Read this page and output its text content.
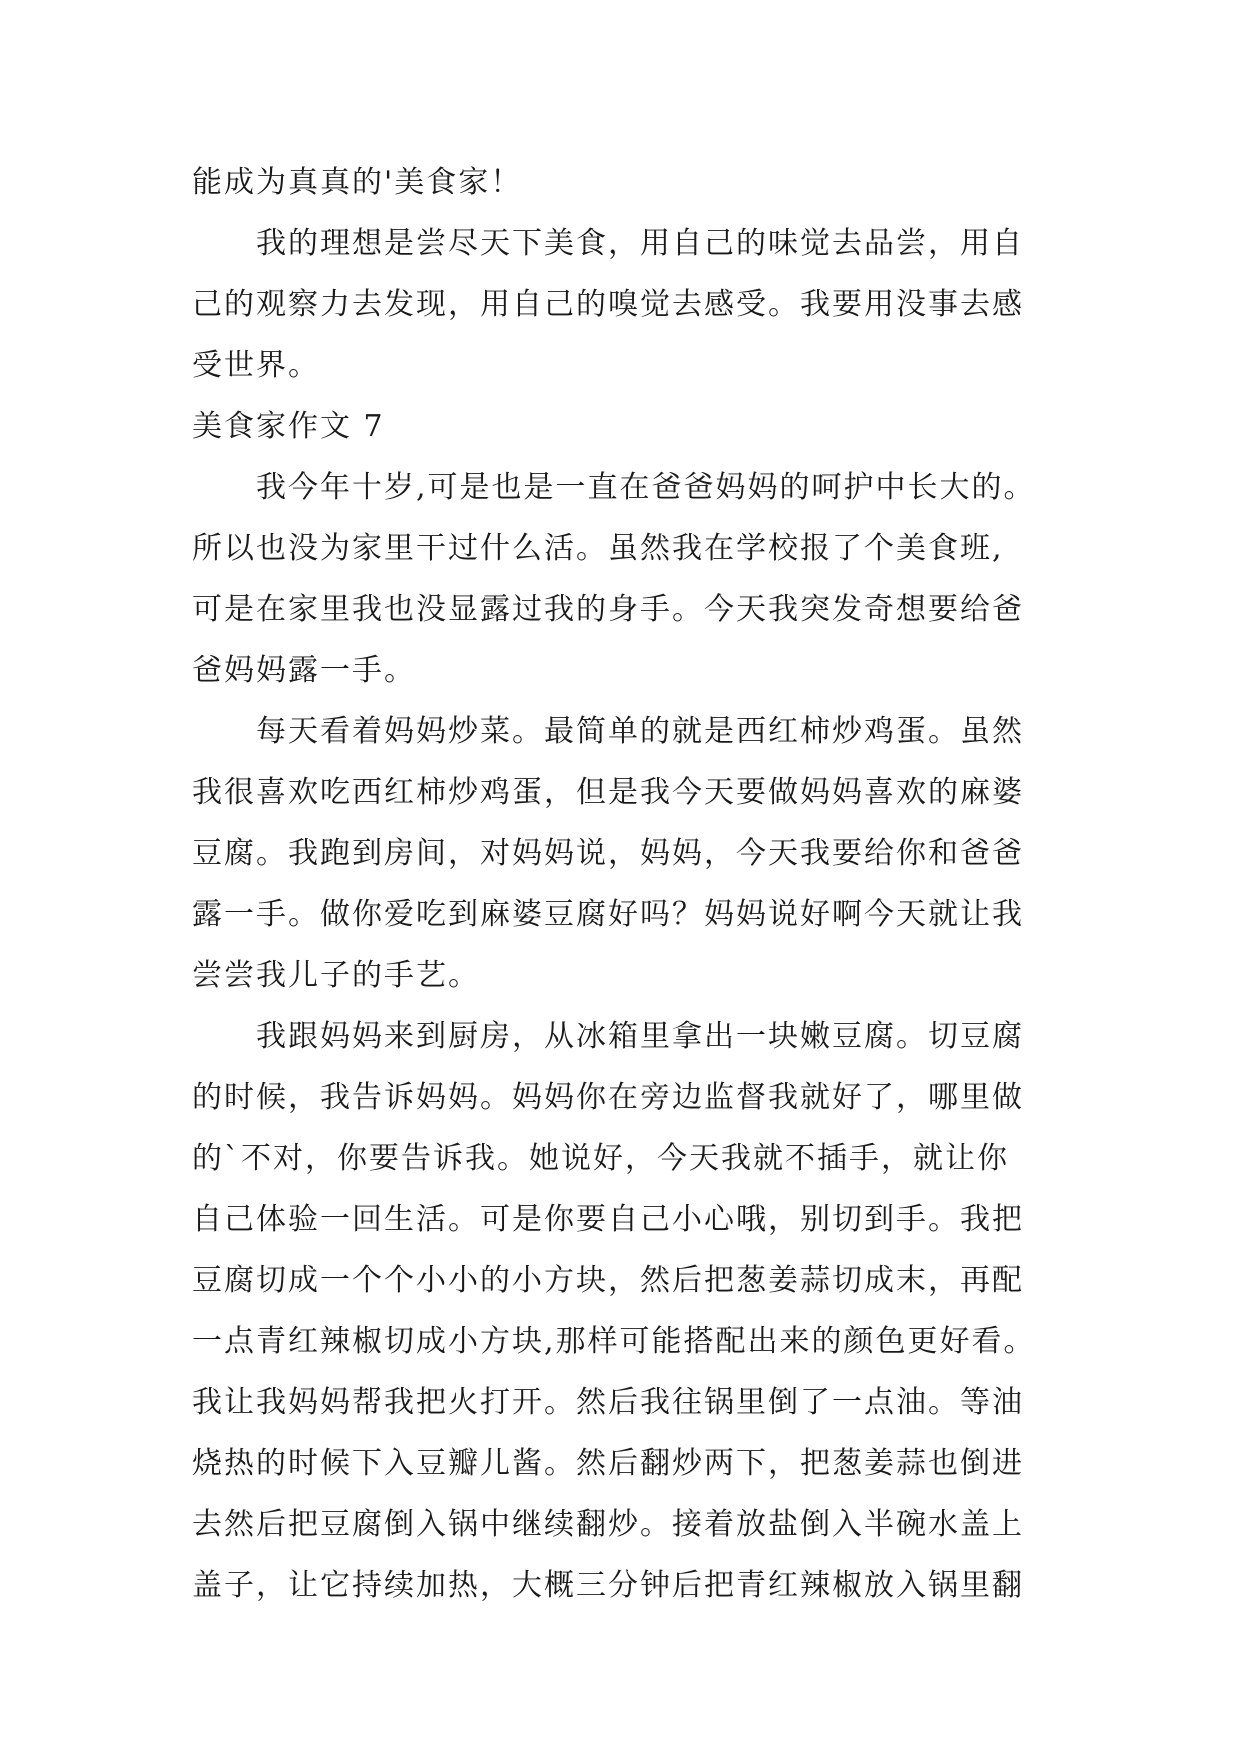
能成为真真的'美食家！
我的理想是尝尽天下美食，用自己的味觉去品尝，用自
己的观察力去发现，用自己的嗅觉去感受。我要用没事去感
受世界。
美食家作文 7
我今年十岁,可是也是一直在爸爸妈妈的呵护中长大的。
所以也没为家里干过什么活。虽然我在学校报了个美食班,
可是在家里我也没显露过我的身手。今天我突发奇想要给爸
爸妈妈露一手。
每天看着妈妈炒菜。最简单的就是西红柿炒鸡蛋。虽然
我很喜欢吃西红柿炒鸡蛋，但是我今天要做妈妈喜欢的麻婆
豆腐。我跑到房间，对妈妈说，妈妈，今天我要给你和爸爸
露一手。做你爱吃到麻婆豆腐好吗？妈妈说好啊今天就让我
尝尝我儿子的手艺。
我跟妈妈来到厨房，从冰箱里拿出一块嫩豆腐。切豆腐
的时候，我告诉妈妈。妈妈你在旁边监督我就好了，哪里做
的`不对，你要告诉我。她说好，今天我就不插手，就让你
自己体验一回生活。可是你要自己小心哦，别切到手。我把
豆腐切成一个个小小的小方块，然后把葱姜蒜切成末，再配
一点青红辣椒切成小方块,那样可能搭配出来的颜色更好看。
我让我妈妈帮我把火打开。然后我往锅里倒了一点油。等油
烧热的时候下入豆瓣儿酱。然后翻炒两下，把葱姜蒜也倒进
去然后把豆腐倒入锅中继续翻炒。接着放盐倒入半碗水盖上
盖子，让它持续加热，大概三分钟后把青红辣椒放入锅里翻
